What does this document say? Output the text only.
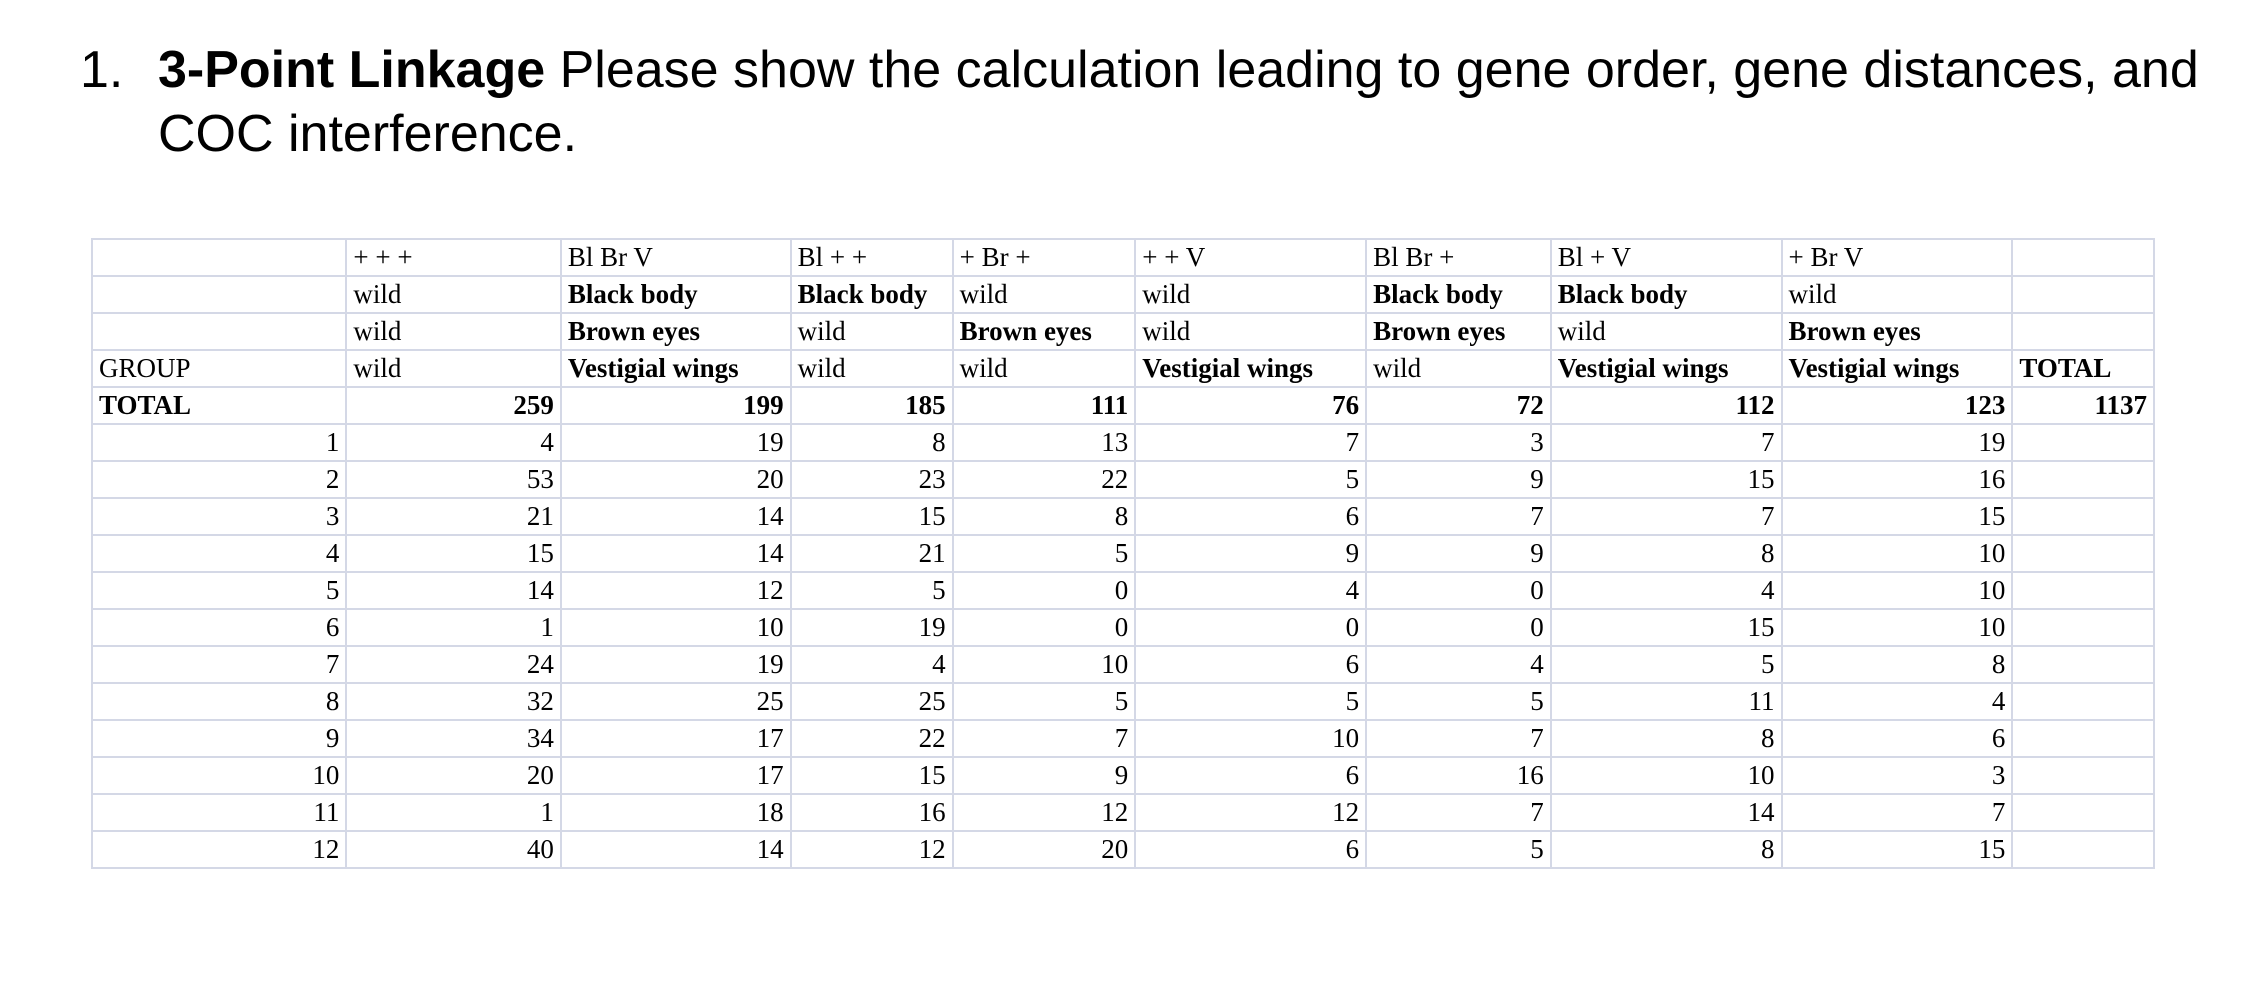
1. 3-Point Linkage Please show the calculation leading to gene order, gene distances, and COC interference.
	+ + +	Bl Br V	Bl + +	+ Br +	+ + V	Bl Br +	Bl + V	+ Br V	
	wild	Black body	Black body	wild	wild	Black body	Black body	wild	
	wild	Brown eyes	wild	Brown eyes	wild	Brown eyes	wild	Brown eyes	
GROUP	wild	Vestigial wings	wild	wild	Vestigial wings	wild	Vestigial wings	Vestigial wings	TOTAL
TOTAL	259	199	185	111	76	72	112	123	1137
1	4	19	8	13	7	3	7	19	
2	53	20	23	22	5	9	15	16	
3	21	14	15	8	6	7	7	15	
4	15	14	21	5	9	9	8	10	
5	14	12	5	0	4	0	4	10	
6	1	10	19	0	0	0	15	10	
7	24	19	4	10	6	4	5	8	
8	32	25	25	5	5	5	11	4	
9	34	17	22	7	10	7	8	6	
10	20	17	15	9	6	16	10	3	
11	1	18	16	12	12	7	14	7	
12	40	14	12	20	6	5	8	15	
